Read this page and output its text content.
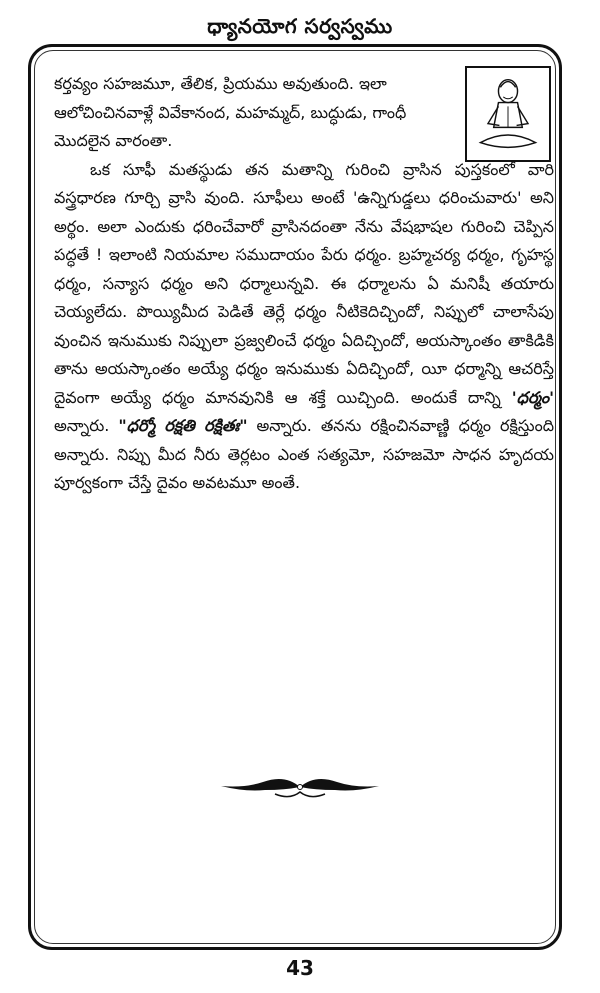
ధ్యానయోగ సర్వస్వము

కర్తవ్యం సహజమూ, తేలిక, ప్రియము అవుతుంది. ఇలా

ఆలోచించినవాళ్లే వివేకానంద, మహమ్మద్, బుద్ధుడు, గాంధీ

మొదలైన వారంతా.

ఒక సూఫీ మతస్థుడు తన మతాన్ని గురించి వ్రాసిన పుస్తకంలో వారి వస్త్రధారణ గూర్చి వ్రాసి వుంది. సూఫీలు అంటే 'ఉన్నిగుడ్డలు ధరించువారు' అని అర్థం. అలా ఎందుకు ధరించేవారో వ్రాసినదంతా నేను వేషభాషల గురించి చెప్పిన పద్ధతే ! ఇలాంటి నియమాల సముదాయం పేరు ధర్మం. బ్రహ్మచర్య ధర్మం, గృహస్థ ధర్మం, సన్యాస ధర్మం అని ధర్మాలున్నవి. ఈ ధర్మాలను ఏ మనిషీ తయారు చెయ్యలేదు. పొయ్యిమీద పెడితే తెర్లే ధర్మం నీటికెదిచ్చిందో, నిప్పులో చాలాసేపు వుంచిన ఇనుముకు నిప్పులా ప్రజ్వలించే ధర్మం ఏదిచ్చిందో, అయస్కాంతం తాకిడికి తాను అయస్కాంతం అయ్యే ధర్మం ఇనుముకు ఏదిచ్చిందో, యీ ధర్మాన్ని ఆచరిస్తే దైవంగా అయ్యే ధర్మం మానవునికి ఆ శక్తే యిచ్చింది. అందుకే దాన్ని 'ధర్మం' అన్నారు. "ధర్మో రక్షతి రక్షితః" అన్నారు. తనను రక్షించినవాణ్ణి ధర్మం రక్షిస్తుంది అన్నారు. నిప్పు మీద నీరు తెర్లటం ఎంత సత్యమో, సహజమో సాధన హృదయ పూర్వకంగా చేస్తే దైవం అవటమూ అంతే.

43
